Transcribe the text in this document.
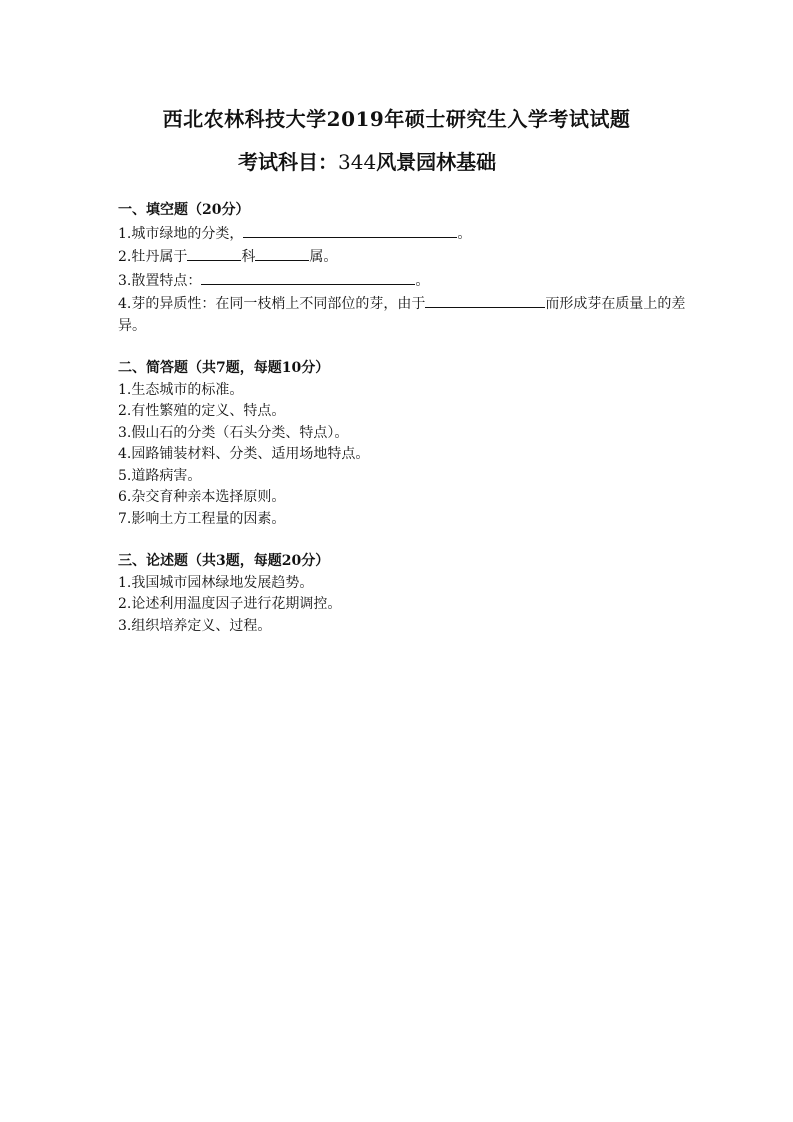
西北农林科技大学2019年硕士研究生入学考试试题
考试科目：344风景园林基础
一、填空题（20分）

1.城市绿地的分类，	。

2.牡丹属于	科	属。

3.散置特点：	。

4.芽的异质性：在同一枝梢上不同部位的芽，由于	而形成芽在质量上的差异。

二、简答题（共7题，每题10分）

1.生态城市的标准。

2.有性繁殖的定义、特点。

3.假山石的分类（石头分类、特点）。

4.园路铺装材料、分类、适用场地特点。

5.道路病害。

6.杂交育种亲本选择原则。

7.影响土方工程量的因素。

三、论述题（共3题，每题20分）

1.我国城市园林绿地发展趋势。

2.论述利用温度因子进行花期调控。

3.组织培养定义、过程。
